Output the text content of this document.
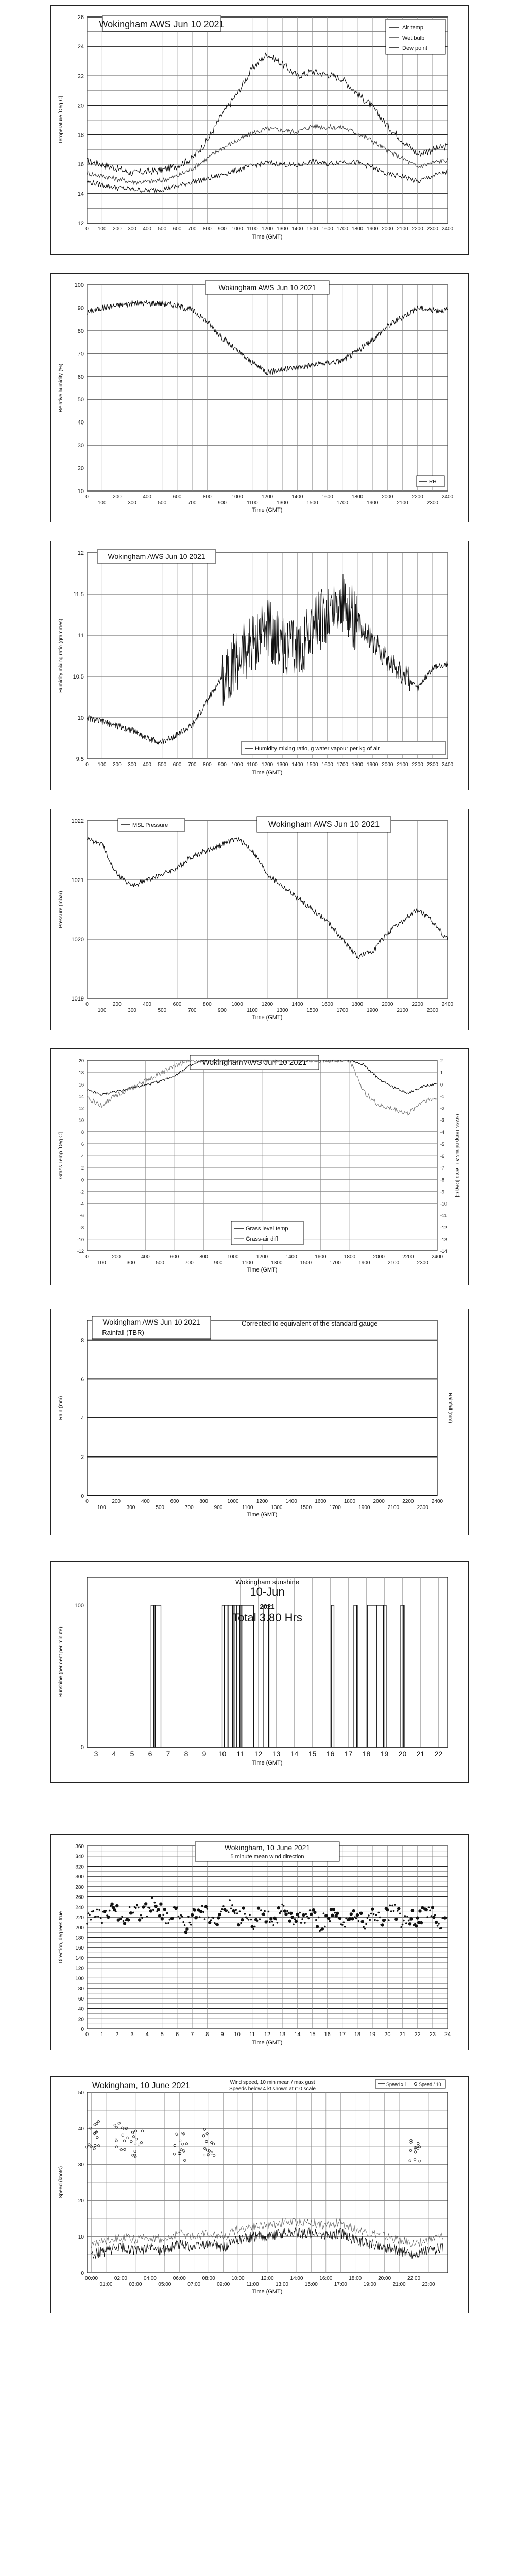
12
14
16
18
20
22
24
26
0 100 200 300 400 500 600 700 800 900 1000 1100 1200 1300 1400 1500 1600 1700 1800 1900 2000 2100 2200 2300 2400
Time (GMT)
Temperature [Deg C]
Wokingham AWS Jun 10 2021	Air temp
Wet bulb
Dew point
10
20
30
40
50
60
70
80
90
100
0	200	400	600	800	1000	1200	1400	1600	1800	2000	2200	2400
100	300	500	700	900	1100	1300	1500	1700	1900	2100	2300
Time (GMT)
Relative humidity (%)
Wokingham AWS Jun 10 2021
RH
9.5
10
10.5
11
11.5
12
0 100 200 300 400 500 600 700 800 900 1000 1100 1200 1300 1400 1500 1600 1700 1800 1900 2000 2100 2200 2300 2400
Time (GMT)
Humidity mixing ratio (grammes)
Wokingham AWS Jun 10 2021
Humidity mixing ratio, g water vapour per kg of air
1019
1020
1021
1022
0	200	400	600	800	1000	1200	1400	1600	1800	2000	2200	2400
100	300	500	700	900	1100	1300	1500	1700	1900	2100	2300
Time (GMT)
Pressure (mbar)
Wokingham AWS Jun 10 2021
MSL Pressure
-12
-10
-8
-6
-4
-2
0
2
4
6
8
10
12
14
16
18
20
-14
-13
-12
-11
-10
-9
-8
-7
-6
-5
-4
-3
-2
-1
0
1
2
0	200	400	600	800	1000	1200	1400	1600	1800	2000	2200	2400
100	300	500	700	900	1100	1300	1500	1700	1900	2100	2300
Time (GMT)
Grass Temp [Deg C]	Grass Temp minus Air Temp [Deg C]
Wokingham AWS Jun 10 2021
Grass level temp
Grass-air diff
0
2
4
6
8
0	200	400	600	800	1000	1200	1400	1600	1800	2000	2200	2400
100	300	500	700	900	1100	1300	1500	1700	1900	2100	2300
Time (GMT)
Rain (mm)	Rainfall (mm)
Wokingham AWS Jun 10 2021
Rainfall (TBR)
Corrected to equivalent of the standard gauge
0
100
3 4 5 6 7 8 9 10 11 12 13 14 15 16 17 18 19 20 21 22
Time (GMT)
Sunshine (per cent per minute)
Wokingham sunshine
10-Jun
2021
Total 3.80 Hrs
0
20
40
60
80
100
120
140
160
180
200
220
240
260
280
300
320
340
360
0 1 2 3 4 5 6 7 8 9 10 11 12 13 14 15 16 17 18 19 20 21 22 23 24
Time (GMT)
Direction, degrees true
Wokingham, 10 June 2021
5 minute mean wind direction
0
10
20
30
40
50
00:00	02:00	04:00	06:00	08:00	10:00	12:00	14:00	16:00	18:00	20:00	22:00
01:00	03:00	05:00	07:00	09:00	11:00	13:00	15:00	17:00	19:00	21:00	23:00
Time (GMT)
Speed (knots)
Wokingham, 10 June 2021	Wind speed, 10 min mean / max gust
Speeds below 4 kt shown at r10 scale
Speed x 1 Speed / 10
